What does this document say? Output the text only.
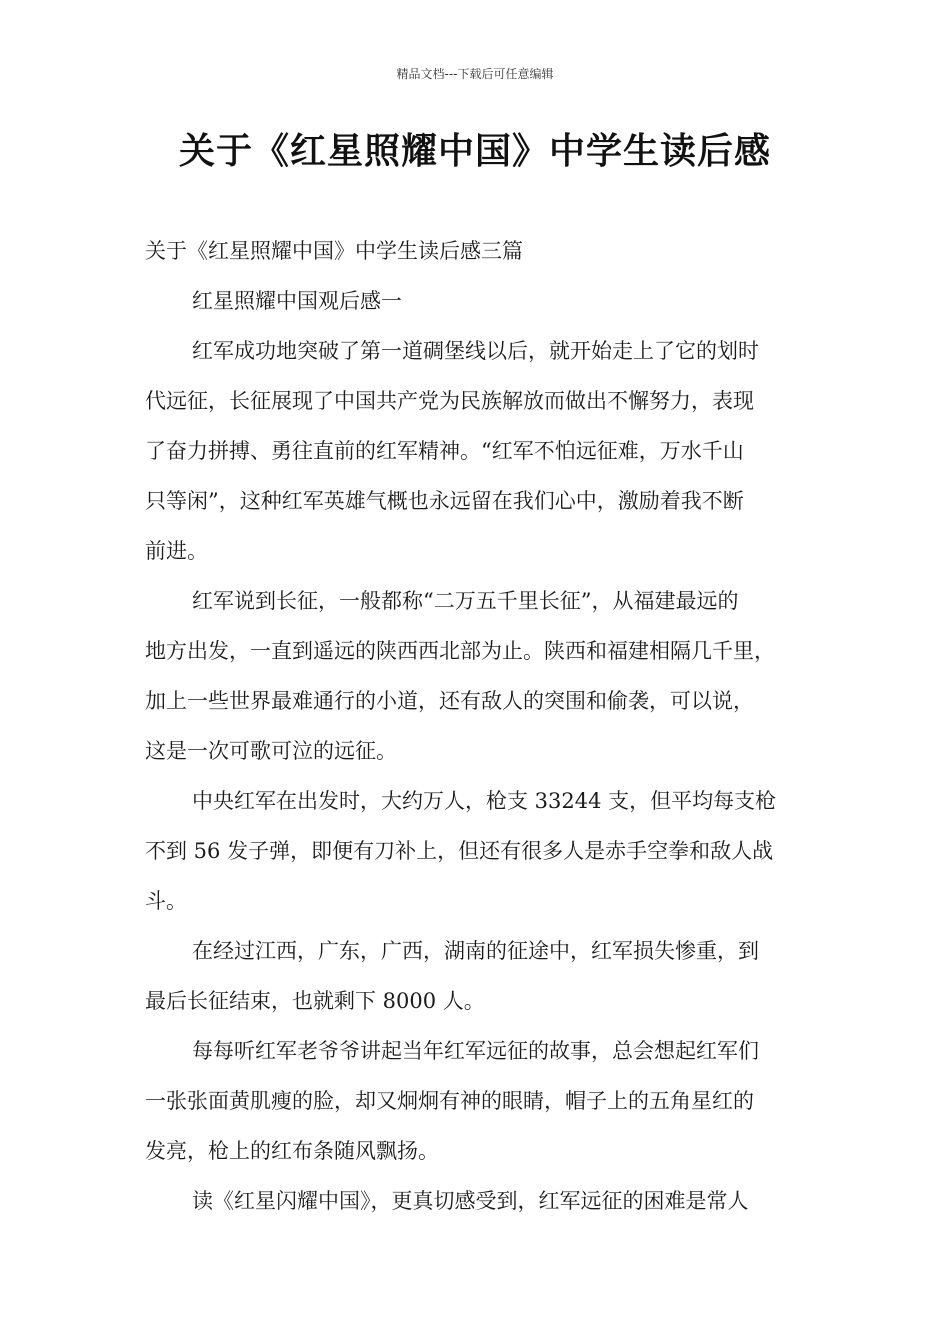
精品文档---下载后可任意编辑
关于《红星照耀中国》中学生读后感
关于《红星照耀中国》中学生读后感三篇
红星照耀中国观后感一
红军成功地突破了第一道碉堡线以后，就开始走上了它的划时
代远征，长征展现了中国共产党为民族解放而做出不懈努力，表现
了奋力拼搏、勇往直前的红军精神。“红军不怕远征难，万水千山
只等闲”，这种红军英雄气概也永远留在我们心中，激励着我不断
前进。
红军说到长征，一般都称“二万五千里长征”，从福建最远的
地方出发，一直到遥远的陕西西北部为止。陕西和福建相隔几千里，
加上一些世界最难通行的小道，还有敌人的突围和偷袭，可以说，
这是一次可歌可泣的远征。
中央红军在出发时，大约万人，枪支 33244 支，但平均每支枪
不到 56 发子弹，即便有刀补上，但还有很多人是赤手空拳和敌人战
斗。
在经过江西，广东，广西，湖南的征途中，红军损失惨重，到
最后长征结束，也就剩下 8000 人。
每每听红军老爷爷讲起当年红军远征的故事，总会想起红军们
一张张面黄肌瘦的脸，却又炯炯有神的眼睛，帽子上的五角星红的
发亮，枪上的红布条随风飘扬。
读《红星闪耀中国》，更真切感受到，红军远征的困难是常人
